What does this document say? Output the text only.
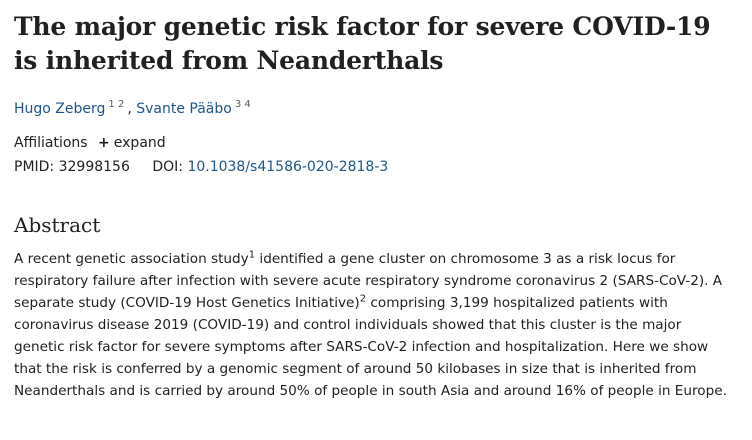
The major genetic risk factor for severe COVID-19 is inherited from Neanderthals
Hugo Zeberg $^{1 2}$ , Svante Pääbo $^{3 4}$
Affiliations + expand
PMID: 32998156 DOI: 10.1038/s41586-020-2818-3
Abstract
A recent genetic association study$^1$ identified a gene cluster on chromosome 3 as a risk locus for respiratory failure after infection with severe acute respiratory syndrome coronavirus 2 (SARS-CoV-2). A separate study (COVID-19 Host Genetics Initiative)$^2$ comprising 3,199 hospitalized patients with coronavirus disease 2019 (COVID-19) and control individuals showed that this cluster is the major genetic risk factor for severe symptoms after SARS-CoV-2 infection and hospitalization. Here we show that the risk is conferred by a genomic segment of around 50 kilobases in size that is inherited from Neanderthals and is carried by around 50% of people in south Asia and around 16% of people in Europe.
